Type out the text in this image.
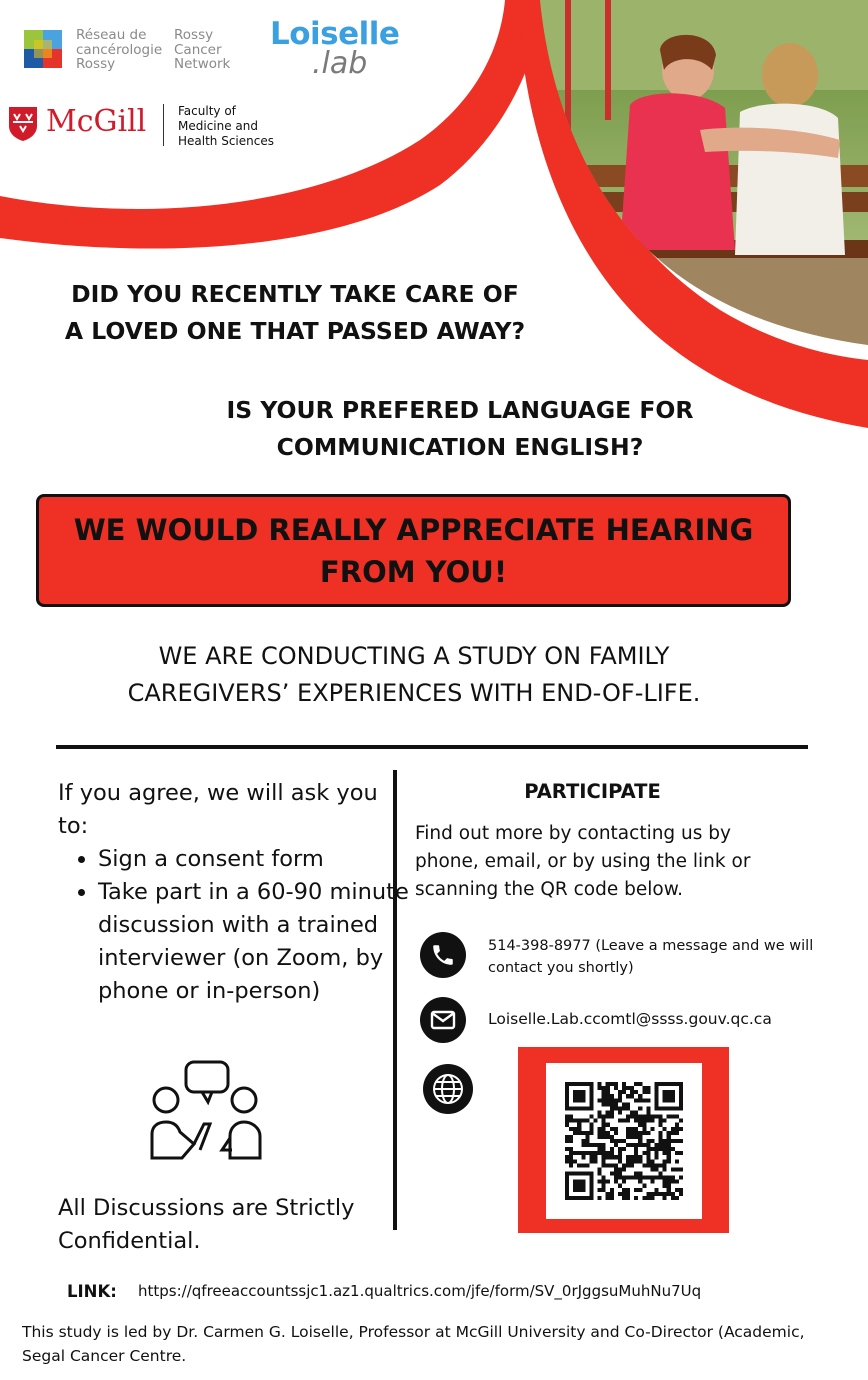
Réseau de
cancérologie
Rossy
Rossy
Cancer
Network
Loiselle
.lab
McGill	Faculty of
Medicine and
Health Sciences
DID YOU RECENTLY TAKE CARE OF
A LOVED ONE THAT PASSED AWAY?
IS YOUR PREFERED LANGUAGE FOR
COMMUNICATION ENGLISH?
WE WOULD REALLY APPRECIATE HEARING
FROM YOU!
WE ARE CONDUCTING A STUDY ON FAMILY
CAREGIVERS’ EXPERIENCES WITH END-OF-LIFE.
If you agree, we will ask you to:
• Sign a consent form
• Take part in a 60-90 minute discussion with a trained interviewer (on Zoom, by phone or in-person)
All Discussions are Strictly Confidential.
PARTICIPATE
Find out more by contacting us by phone, email, or by using the link or scanning the QR code below.
514-398-8977 (Leave a message and we will contact you shortly)
Loiselle.Lab.ccomtl@ssss.gouv.qc.ca
LINK: https://qfreeaccountssjc1.az1.qualtrics.com/jfe/form/SV_0rJggsuMuhNu7Uq
This study is led by Dr. Carmen G. Loiselle, Professor at McGill University and Co-Director (Academic, Segal Cancer Centre.
